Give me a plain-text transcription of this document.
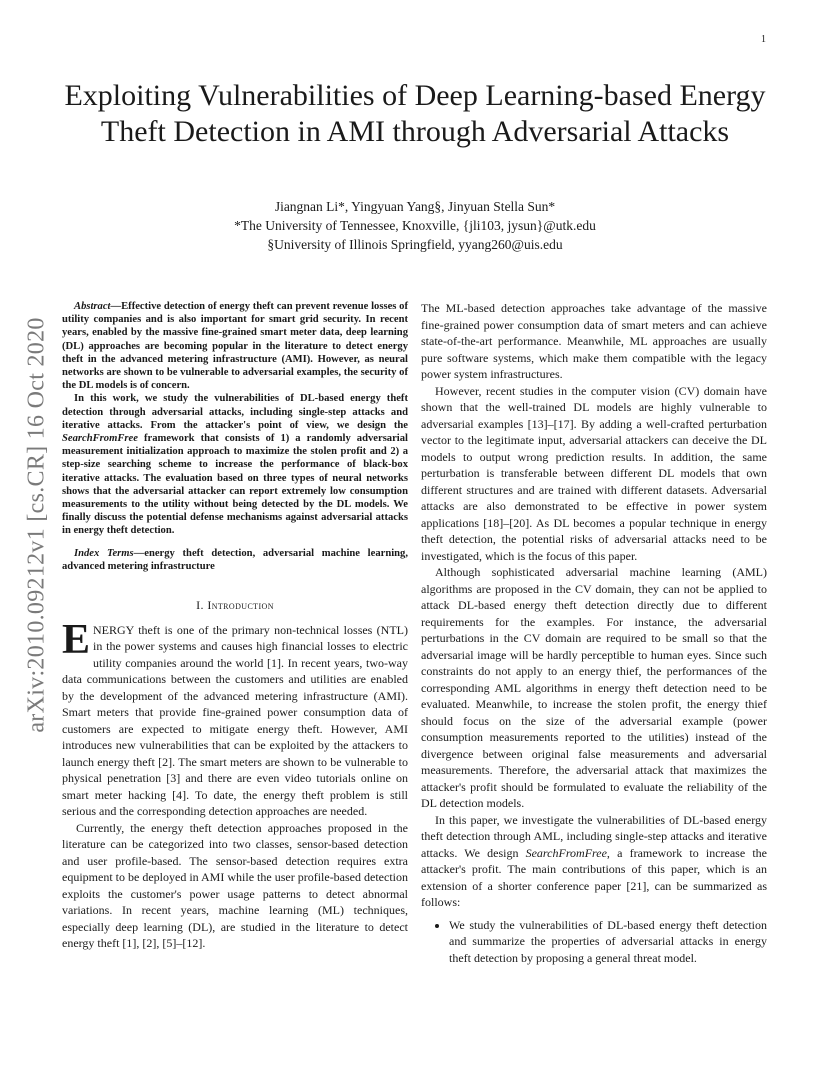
1
arXiv:2010.09212v1 [cs.CR] 16 Oct 2020
Exploiting Vulnerabilities of Deep Learning-based Energy Theft Detection in AMI through Adversarial Attacks
Jiangnan Li*, Yingyuan Yang§, Jinyuan Stella Sun*
*The University of Tennessee, Knoxville, {jli103, jysun}@utk.edu
§University of Illinois Springfield, yyang260@uis.edu

Abstract—Effective detection of energy theft can prevent revenue losses of utility companies and is also important for smart grid security. In recent years, enabled by the massive fine-grained smart meter data, deep learning (DL) approaches are becoming popular in the literature to detect energy theft in the advanced metering infrastructure (AMI). However, as neural networks are shown to be vulnerable to adversarial examples, the security of the DL models is of concern.

In this work, we study the vulnerabilities of DL-based energy theft detection through adversarial attacks, including single-step attacks and iterative attacks. From the attacker's point of view, we design the SearchFromFree framework that consists of 1) a randomly adversarial measurement initialization approach to maximize the stolen profit and 2) a step-size searching scheme to increase the performance of black-box iterative attacks. The evaluation based on three types of neural networks shows that the adversarial attacker can report extremely low consumption measurements to the utility without being detected by the DL models. We finally discuss the potential defense mechanisms against adversarial attacks in energy theft detection.

Index Terms—energy theft detection, adversarial machine learning, advanced metering infrastructure
I. Introduction

ENERGY theft is one of the primary non-technical losses (NTL) in the power systems and causes high financial losses to electric utility companies around the world [1]. In recent years, two-way data communications between the customers and utilities are enabled by the development of the advanced metering infrastructure (AMI). Smart meters that provide fine-grained power consumption data of customers are expected to mitigate energy theft. However, AMI introduces new vulnerabilities that can be exploited by the attackers to launch energy theft [2]. The smart meters are shown to be vulnerable to physical penetration [3] and there are even video tutorials online on smart meter hacking [4]. To date, the energy theft problem is still serious and the corresponding detection approaches are needed.

Currently, the energy theft detection approaches proposed in the literature can be categorized into two classes, sensor-based detection and user profile-based. The sensor-based detection requires extra equipment to be deployed in AMI while the user profile-based detection exploits the customer's power usage patterns to detect abnormal variations. In recent years, machine learning (ML) techniques, especially deep learning (DL), are studied in the literature to detect energy theft [1], [2], [5]–[12].

The ML-based detection approaches take advantage of the massive fine-grained power consumption data of smart meters and can achieve state-of-the-art performance. Meanwhile, ML approaches are usually pure software systems, which make them compatible with the legacy power system infrastructures.

However, recent studies in the computer vision (CV) domain have shown that the well-trained DL models are highly vulnerable to adversarial examples [13]–[17]. By adding a well-crafted perturbation vector to the legitimate input, adversarial attackers can deceive the DL models to output wrong prediction results. In addition, the same perturbation is transferable between different DL models that own different structures and are trained with different datasets. Adversarial attacks are also demonstrated to be effective in power system applications [18]–[20]. As DL becomes a popular technique in energy theft detection, the potential risks of adversarial attacks need to be investigated, which is the focus of this paper.

Although sophisticated adversarial machine learning (AML) algorithms are proposed in the CV domain, they can not be applied to attack DL-based energy theft detection directly due to different requirements for the examples. For instance, the adversarial perturbations in the CV domain are required to be small so that the adversarial image will be hardly perceptible to human eyes. Since such constraints do not apply to an energy thief, the performances of the corresponding AML algorithms in energy theft detection need to be evaluated. Meanwhile, to increase the stolen profit, the energy thief should focus on the size of the adversarial example (power consumption measurements reported to the utilities) instead of the divergence between original false measurements and adversarial measurements. Therefore, the adversarial attack that maximizes the attacker's profit should be formulated to evaluate the reliability of the DL detection models.

In this paper, we investigate the vulnerabilities of DL-based energy theft detection through AML, including single-step attacks and iterative attacks. We design SearchFromFree, a framework to increase the attacker's profit. The main contributions of this paper, which is an extension of a shorter conference paper [21], can be summarized as follows:

• We study the vulnerabilities of DL-based energy theft detection and summarize the properties of adversarial attacks in energy theft detection by proposing a general threat model.
